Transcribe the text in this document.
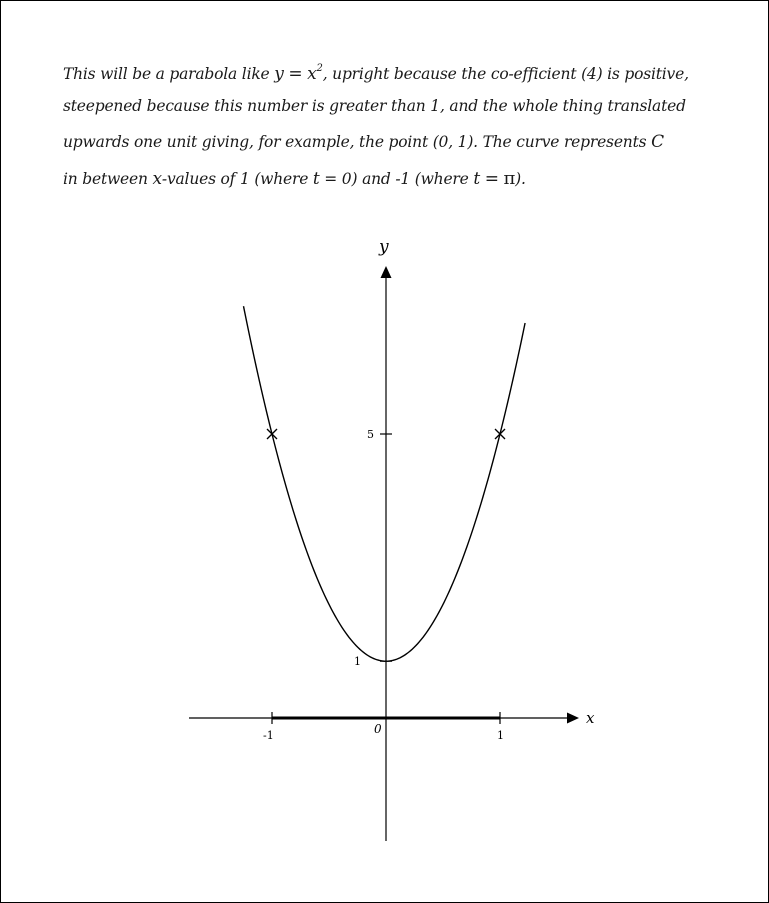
This will be a parabola like $y = x^2$, upright because the co-efficient (4) is positive,
steepened because this number is greater than 1, and the whole thing translated
upwards one unit giving, for example, the point (0, 1). The curve represents C
in between x-values of 1 (where t = 0) and -1 (where t = π).
y
x
0
-1	1
1
5
